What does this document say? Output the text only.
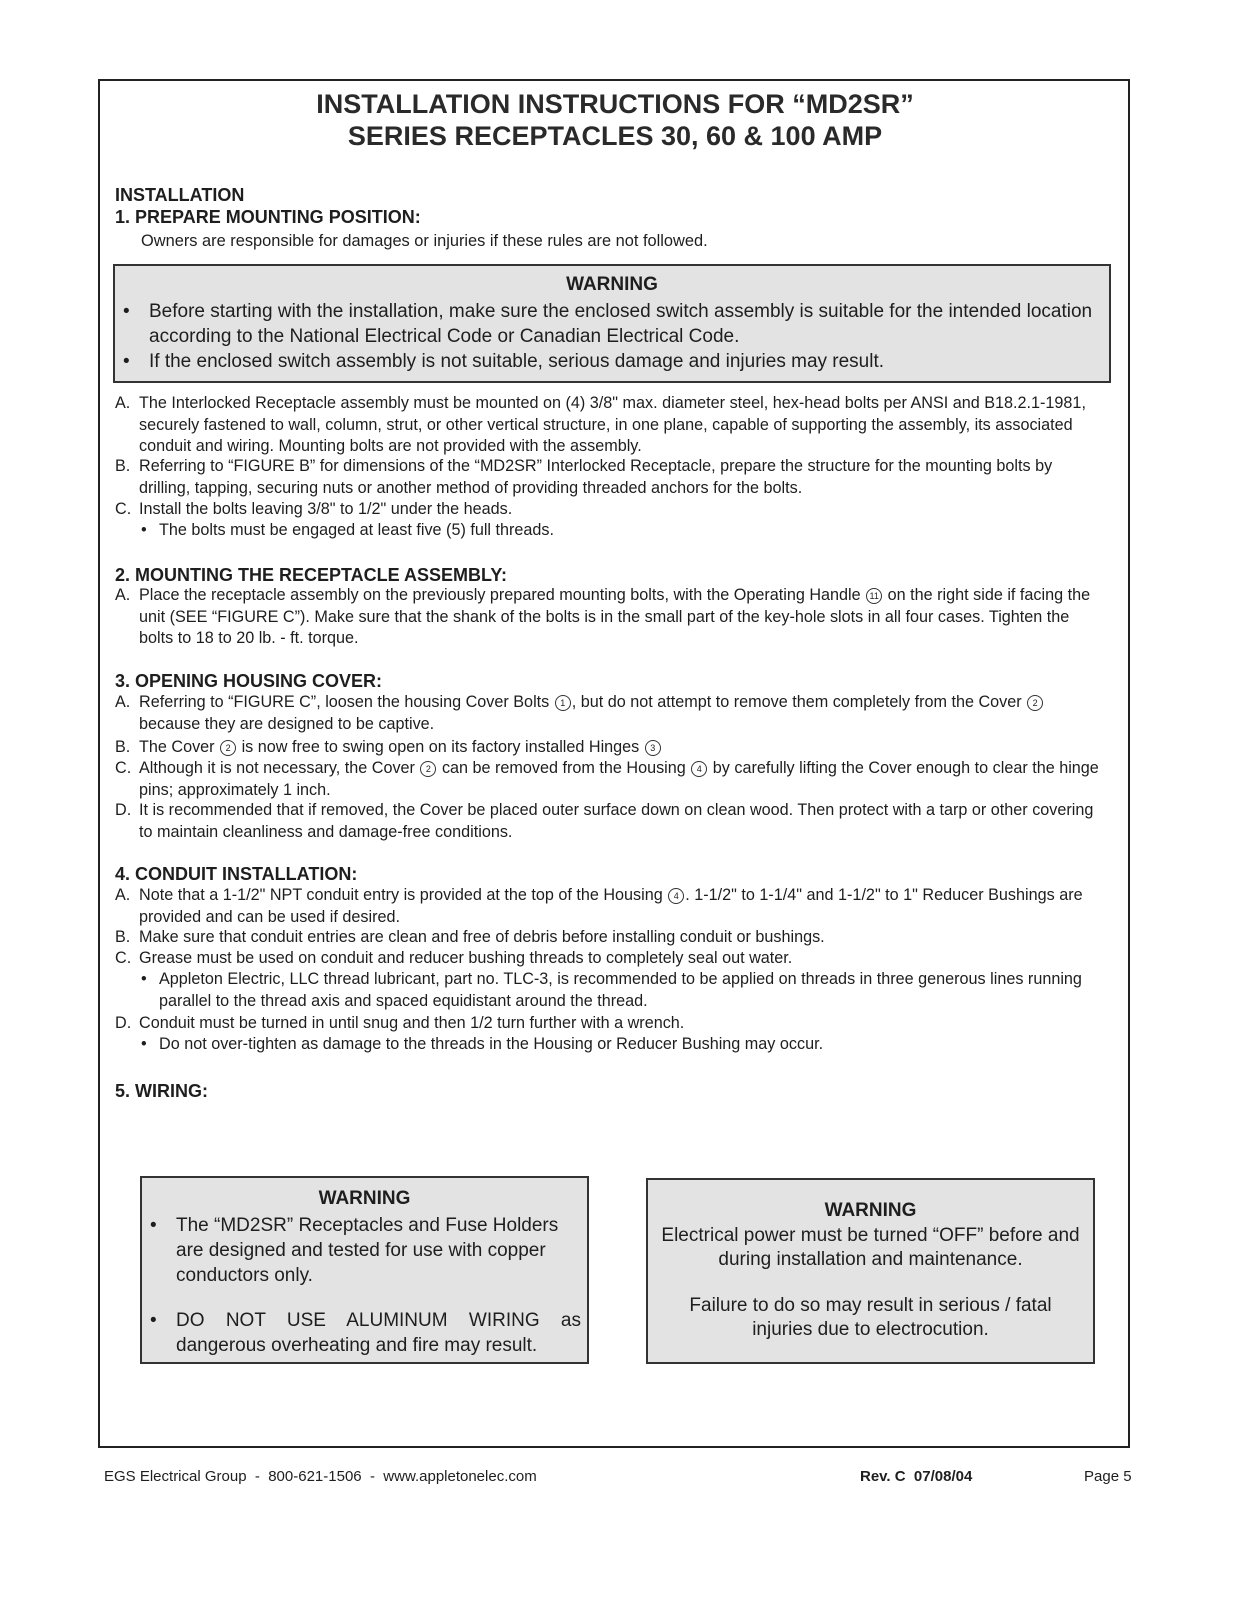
INSTALLATION INSTRUCTIONS FOR “MD2SR”
SERIES RECEPTACLES 30, 60 & 100 AMP
INSTALLATION
1. PREPARE MOUNTING POSITION:
Owners are responsible for damages or injuries if these rules are not followed.
WARNING
• Before starting with the installation, make sure the enclosed switch assembly is suitable for the intended location according to the National Electrical Code or Canadian Electrical Code.
• If the enclosed switch assembly is not suitable, serious damage and injuries may result.
A. The Interlocked Receptacle assembly must be mounted on (4) 3/8" max. diameter steel, hex-head bolts per ANSI and B18.2.1-1981, securely fastened to wall, column, strut, or other vertical structure, in one plane, capable of supporting the assembly, its associated conduit and wiring. Mounting bolts are not provided with the assembly.
B. Referring to “FIGURE B” for dimensions of the “MD2SR” Interlocked Receptacle, prepare the structure for the mounting bolts by drilling, tapping, securing nuts or another method of providing threaded anchors for the bolts.
C. Install the bolts leaving 3/8" to 1/2" under the heads.
• The bolts must be engaged at least five (5) full threads.
2. MOUNTING THE RECEPTACLE ASSEMBLY:
A. Place the receptacle assembly on the previously prepared mounting bolts, with the Operating Handle 11 on the right side if facing the unit (SEE “FIGURE C”). Make sure that the shank of the bolts is in the small part of the key-hole slots in all four cases. Tighten the bolts to 18 to 20 lb. - ft. torque.
3. OPENING HOUSING COVER:
A. Referring to “FIGURE C”, loosen the housing Cover Bolts 1 , but do not attempt to remove them completely from the Cover 2 because they are designed to be captive.
B. The Cover 2 is now free to swing open on its factory installed Hinges 3
C. Although it is not necessary, the Cover 2 can be removed from the Housing 4 by carefully lifting the Cover enough to clear the hinge pins; approximately 1 inch.
D. It is recommended that if removed, the Cover be placed outer surface down on clean wood. Then protect with a tarp or other covering to maintain cleanliness and damage-free conditions.
4. CONDUIT INSTALLATION:
A. Note that a 1-1/2" NPT conduit entry is provided at the top of the Housing 4 . 1-1/2" to 1-1/4" and 1-1/2" to 1" Reducer Bushings are provided and can be used if desired.
B. Make sure that conduit entries are clean and free of debris before installing conduit or bushings.
C. Grease must be used on conduit and reducer bushing threads to completely seal out water.
• Appleton Electric, LLC thread lubricant, part no. TLC-3, is recommended to be applied on threads in three generous lines running parallel to the thread axis and spaced equidistant around the thread.
D. Conduit must be turned in until snug and then 1/2 turn further with a wrench.
• Do not over-tighten as damage to the threads in the Housing or Reducer Bushing may occur.
5. WIRING:
WARNING
• The “MD2SR” Receptacles and Fuse Holders are designed and tested for use with copper conductors only.
• DO NOT USE ALUMINUM WIRING as dangerous overheating and fire may result.
WARNING
Electrical power must be turned “OFF” before and during installation and maintenance.
Failure to do so may result in serious / fatal injuries due to electrocution.
EGS Electrical Group  -  800-621-1506  -  www.appletonelec.com	Rev. C  07/08/04	Page 5
